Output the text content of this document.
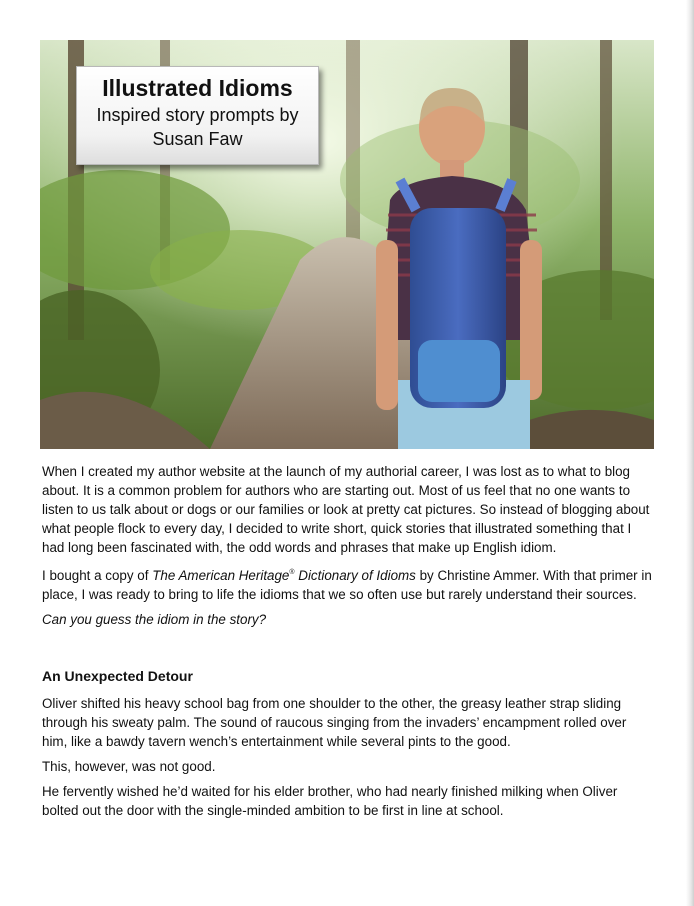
Illustrated Idioms
Inspired story prompts by
Susan Faw

When I created my author website at the launch of my authorial career, I was lost as to what to blog about. It is a common problem for authors who are starting out. Most of us feel that no one wants to listen to us talk about or dogs or our families or look at pretty cat pictures. So instead of blogging about what people flock to every day, I decided to write short, quick stories that illustrated something that I had long been fascinated with, the odd words and phrases that make up English idiom.

I bought a copy of The American Heritage® Dictionary of Idioms by Christine Ammer. With that primer in place, I was ready to bring to life the idioms that we so often use but rarely understand their sources.

Can you guess the idiom in the story?

An Unexpected Detour

Oliver shifted his heavy school bag from one shoulder to the other, the greasy leather strap sliding through his sweaty palm. The sound of raucous singing from the invaders’ encampment rolled over him, like a bawdy tavern wench’s entertainment while several pints to the good.

This, however, was not good.

He fervently wished he’d waited for his elder brother, who had nearly finished milking when Oliver bolted out the door with the single-minded ambition to be first in line at school.
